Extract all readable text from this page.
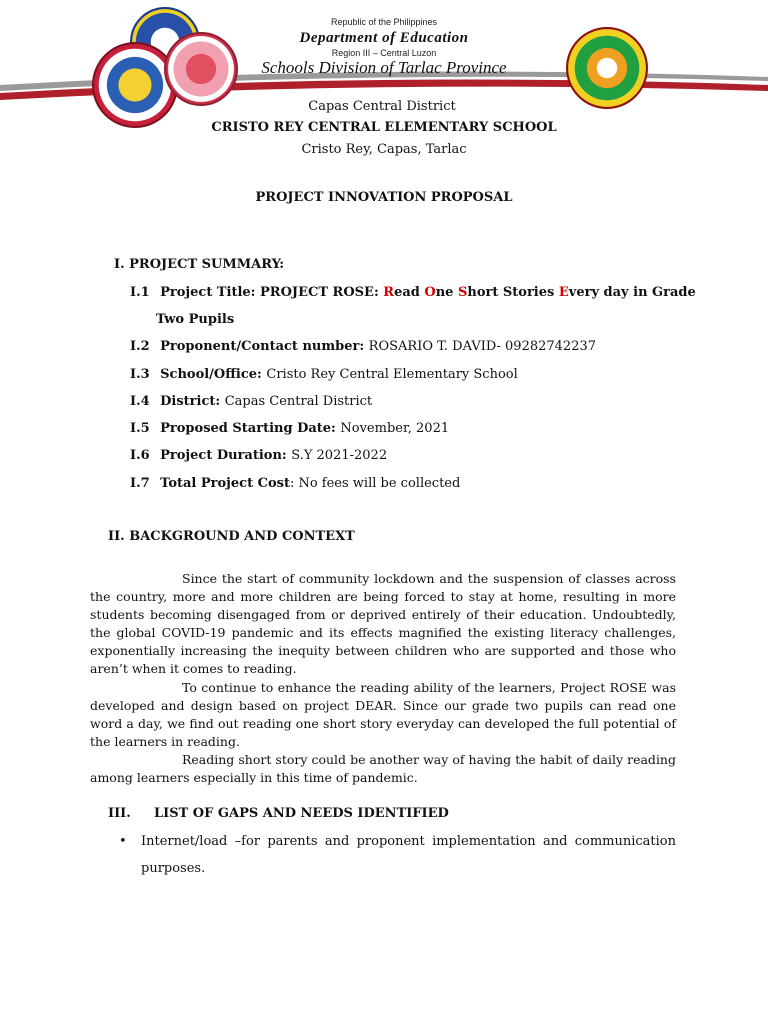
Republic of the Philippines
Department of Education
Region III – Central Luzon
Schools Division of Tarlac Province
Capas Central District
CRISTO REY CENTRAL ELEMENTARY SCHOOL
Cristo Rey, Capas, Tarlac
PROJECT INNOVATION PROPOSAL
I. PROJECT SUMMARY:
I.1 Project Title: PROJECT ROSE: Read One Short Stories Every day in Grade
Two Pupils
I.2 Proponent/Contact number: ROSARIO T. DAVID- 09282742237
I.3 School/Office: Cristo Rey Central Elementary School
I.4 District: Capas Central District
I.5 Proposed Starting Date: November, 2021
I.6 Project Duration: S.Y 2021-2022
I.7 Total Project Cost: No fees will be collected
II. BACKGROUND AND CONTEXT

Since the start of community lockdown and the suspension of classes across the country, more and more children are being forced to stay at home, resulting in more students becoming disengaged from or deprived entirely of their education. Undoubtedly, the global COVID-19 pandemic and its effects magnified the existing literacy challenges, exponentially increasing the inequity between children who are supported and those who aren’t when it comes to reading.

To continue to enhance the reading ability of the learners, Project ROSE was developed and design based on project DEAR. Since our grade two pupils can read one word a day, we find out reading one short story everyday can developed the full potential of the learners in reading.

Reading short story could be another way of having the habit of daily reading among learners especially in this time of pandemic.

III. LIST OF GAPS AND NEEDS IDENTIFIED
• Internet/load –for parents and proponent implementation and communication
purposes.
